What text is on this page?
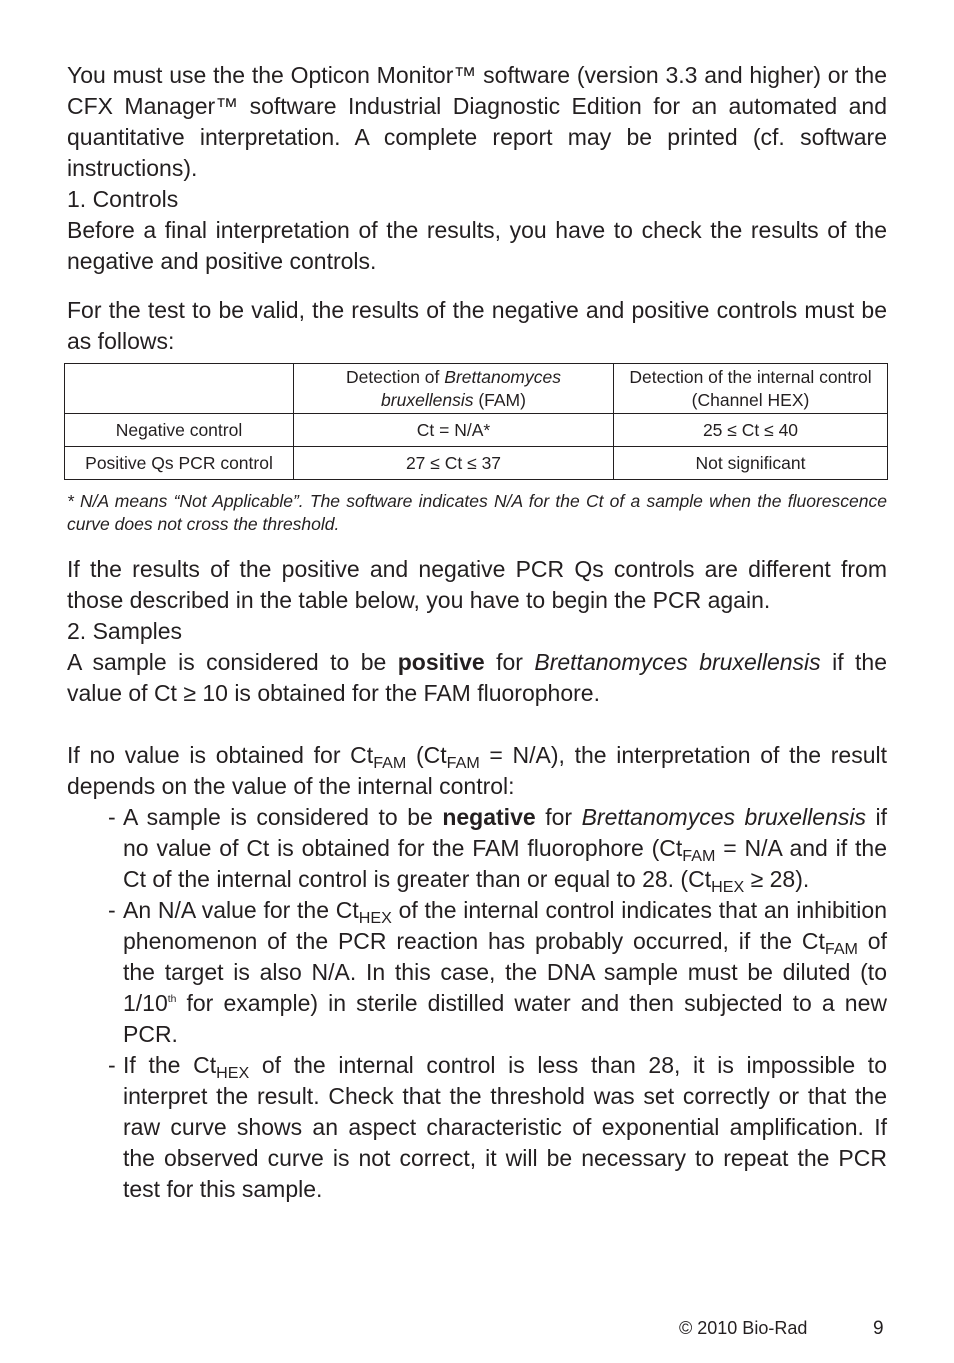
You must use the the Opticon Monitor™ software (version 3.3 and higher) or the CFX Manager™ software Industrial Diagnostic Edition for an automated and quantitative interpretation. A complete report may be printed (cf. software instructions).

1. Controls

Before a final interpretation of the results, you have to check the results of the negative and positive controls.

For the test to be valid, the results of the negative and positive controls must be as follows:

	Detection of Brettanomyces bruxellensis (FAM)	Detection of the internal control (Channel HEX)
Negative control	Ct = N/A*	25 ≤ Ct ≤ 40
Positive Qs PCR control	27 ≤ Ct ≤ 37	Not significant
* N/A means “Not Applicable”. The software indicates N/A for the Ct of a sample when the fluorescence curve does not cross the threshold.

If the results of the positive and negative PCR Qs controls are different from those described in the table below, you have to begin the PCR again.

2. Samples

A sample is considered to be positive for Brettanomyces bruxellensis if the value of Ct ≥ 10 is obtained for the FAM fluorophore.

If no value is obtained for $Ct_{FAM}$ $(Ct_{FAM} = N/A)$, the interpretation of the result depends on the value of the internal control:

- A sample is considered to be negative for Brettanomyces bruxellensis if no value of Ct is obtained for the FAM fluorophore ($Ct_{FAM} = N/A$ and if the Ct of the internal control is greater than or equal to 28. $(Ct_{HEX} \ge 28)$.
- An N/A value for the $Ct_{HEX}$ of the internal control indicates that an inhibition phenomenon of the PCR reaction has probably occurred, if the $Ct_{FAM}$ of the target is also N/A. In this case, the DNA sample must be diluted (to 1/10th for example) in sterile distilled water and then subjected to a new PCR.
- If the $Ct_{HEX}$ of the internal control is less than 28, it is impossible to interpret the result. Check that the threshold was set correctly or that the raw curve shows an aspect characteristic of exponential amplification. If the observed curve is not correct, it will be necessary to repeat the PCR test for this sample.
© 2010 Bio-Rad	9
